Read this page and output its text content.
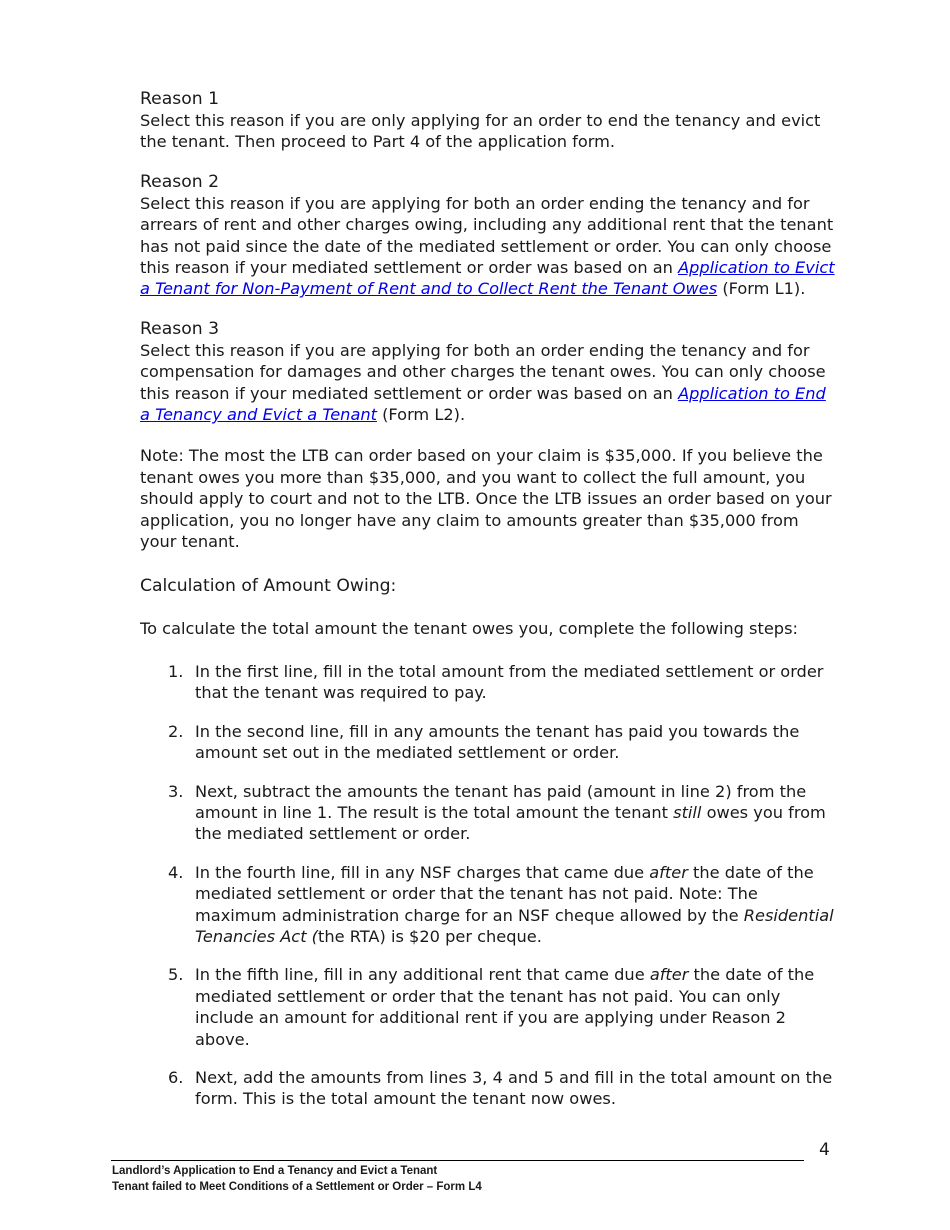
Reason 1

Select this reason if you are only applying for an order to end the tenancy and evict the tenant. Then proceed to Part 4 of the application form.

Reason 2

Select this reason if you are applying for both an order ending the tenancy and for arrears of rent and other charges owing, including any additional rent that the tenant has not paid since the date of the mediated settlement or order. You can only choose this reason if your mediated settlement or order was based on an Application to Evict a Tenant for Non-Payment of Rent and to Collect Rent the Tenant Owes (Form L1).

Reason 3

Select this reason if you are applying for both an order ending the tenancy and for compensation for damages and other charges the tenant owes. You can only choose this reason if your mediated settlement or order was based on an Application to End a Tenancy and Evict a Tenant (Form L2).

Note: The most the LTB can order based on your claim is $35,000. If you believe the tenant owes you more than $35,000, and you want to collect the full amount, you should apply to court and not to the LTB. Once the LTB issues an order based on your application, you no longer have any claim to amounts greater than $35,000 from your tenant.

Calculation of Amount Owing:

To calculate the total amount the tenant owes you, complete the following steps:

1. In the first line, fill in the total amount from the mediated settlement or order that the tenant was required to pay.
2. In the second line, fill in any amounts the tenant has paid you towards the amount set out in the mediated settlement or order.
3. Next, subtract the amounts the tenant has paid (amount in line 2) from the amount in line 1. The result is the total amount the tenant still owes you from the mediated settlement or order.
4. In the fourth line, fill in any NSF charges that came due after the date of the mediated settlement or order that the tenant has not paid. Note: The maximum administration charge for an NSF cheque allowed by the Residential Tenancies Act (the RTA) is $20 per cheque.
5. In the fifth line, fill in any additional rent that came due after the date of the mediated settlement or order that the tenant has not paid. You can only include an amount for additional rent if you are applying under Reason 2 above.
6. Next, add the amounts from lines 3, 4 and 5 and fill in the total amount on the form. This is the total amount the tenant now owes.
4
Landlord’s Application to End a Tenancy and Evict a Tenant
Tenant failed to Meet Conditions of a Settlement or Order – Form L4
